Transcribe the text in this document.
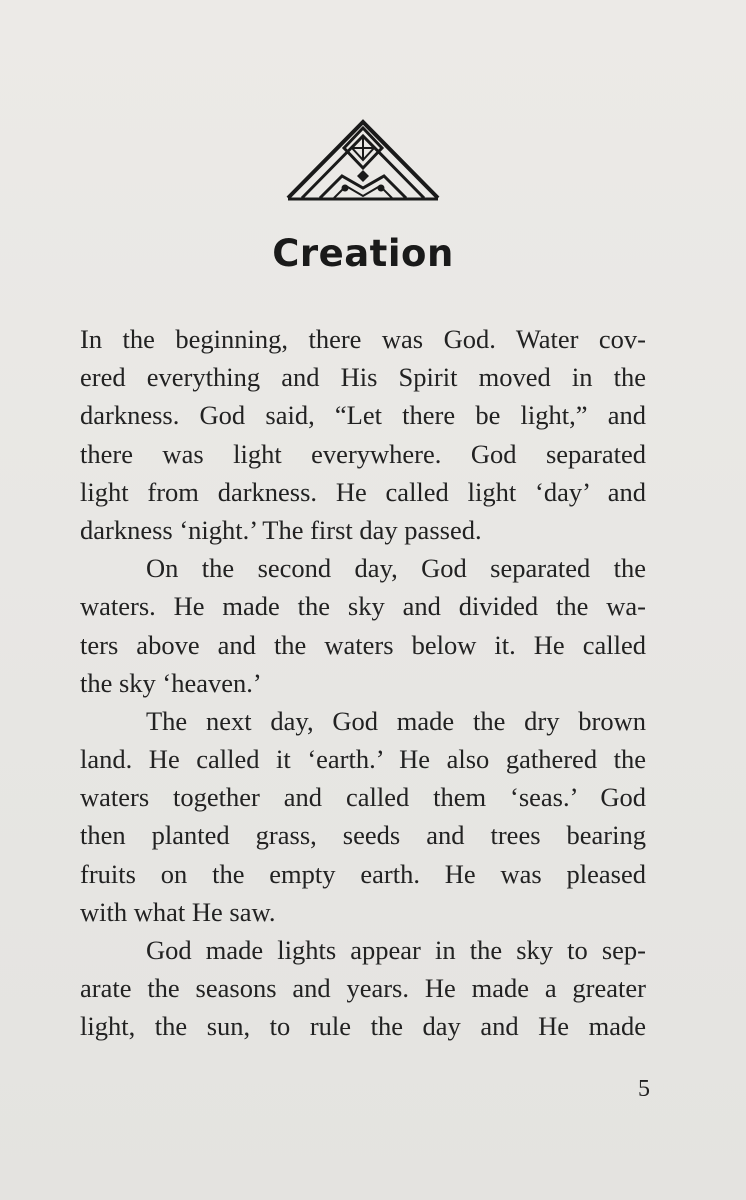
Creation
In the beginning, there was God. Water cov-
ered everything and His Spirit moved in the
darkness. God said, “Let there be light,” and
there was light everywhere. God separated
light from darkness. He called light ‘day’ and
darkness ‘night.’ The first day passed.
On the second day, God separated the
waters. He made the sky and divided the wa-
ters above and the waters below it. He called
the sky ‘heaven.’
The next day, God made the dry brown
land. He called it ‘earth.’ He also gathered the
waters together and called them ‘seas.’ God
then planted grass, seeds and trees bearing
fruits on the empty earth. He was pleased
with what He saw.
God made lights appear in the sky to sep-
arate the seasons and years. He made a greater
light, the sun, to rule the day and He made
5
